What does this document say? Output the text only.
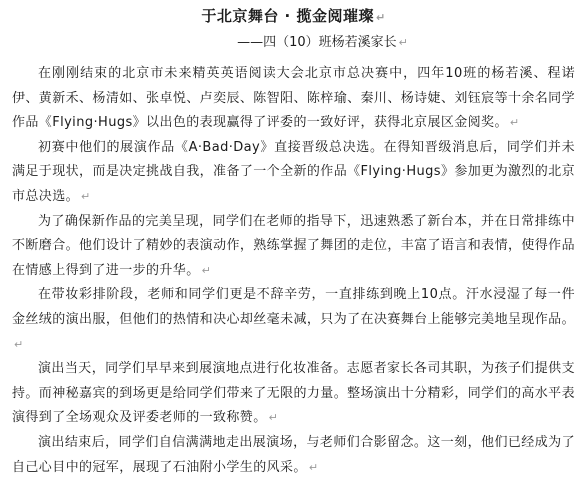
于北京舞台 · 揽金阅璀璨 ↵
——四（10）班杨若溪家长 ↵

在刚刚结束的北京市未来精英英语阅读大会北京市总决赛中，四年10班的杨若溪、程诺伊、黄新禾、杨清如、张卓悦、卢奕辰、陈智阳、陈梓瑜、秦川、杨诗婕、刘钰宸等十余名同学作品《Flying·Hugs》以出色的表现赢得了评委的一致好评，获得北京展区金阅奖。 ↵

初赛中他们的展演作品《A·Bad·Day》直接晋级总决选。在得知晋级消息后，同学们并未满足于现状，而是决定挑战自我，准备了一个全新的作品《Flying·Hugs》参加更为激烈的北京市总决选。 ↵

为了确保新作品的完美呈现，同学们在老师的指导下，迅速熟悉了新台本，并在日常排练中不断磨合。他们设计了精妙的表演动作，熟练掌握了舞团的走位，丰富了语言和表情，使得作品在情感上得到了进一步的升华。 ↵

在带妆彩排阶段，老师和同学们更是不辞辛劳，一直排练到晚上10点。汗水浸湿了每一件金丝绒的演出服，但他们的热情和决心却丝毫未减，只为了在决赛舞台上能够完美地呈现作品。↵

演出当天，同学们早早来到展演地点进行化妆准备。志愿者家长各司其职，为孩子们提供支持。而神秘嘉宾的到场更是给同学们带来了无限的力量。整场演出十分精彩，同学们的高水平表演得到了全场观众及评委老师的一致称赞。 ↵

演出结束后，同学们自信满满地走出展演场，与老师们合影留念。这一刻，他们已经成为了自己心目中的冠军，展现了石油附小学生的风采。 ↵
